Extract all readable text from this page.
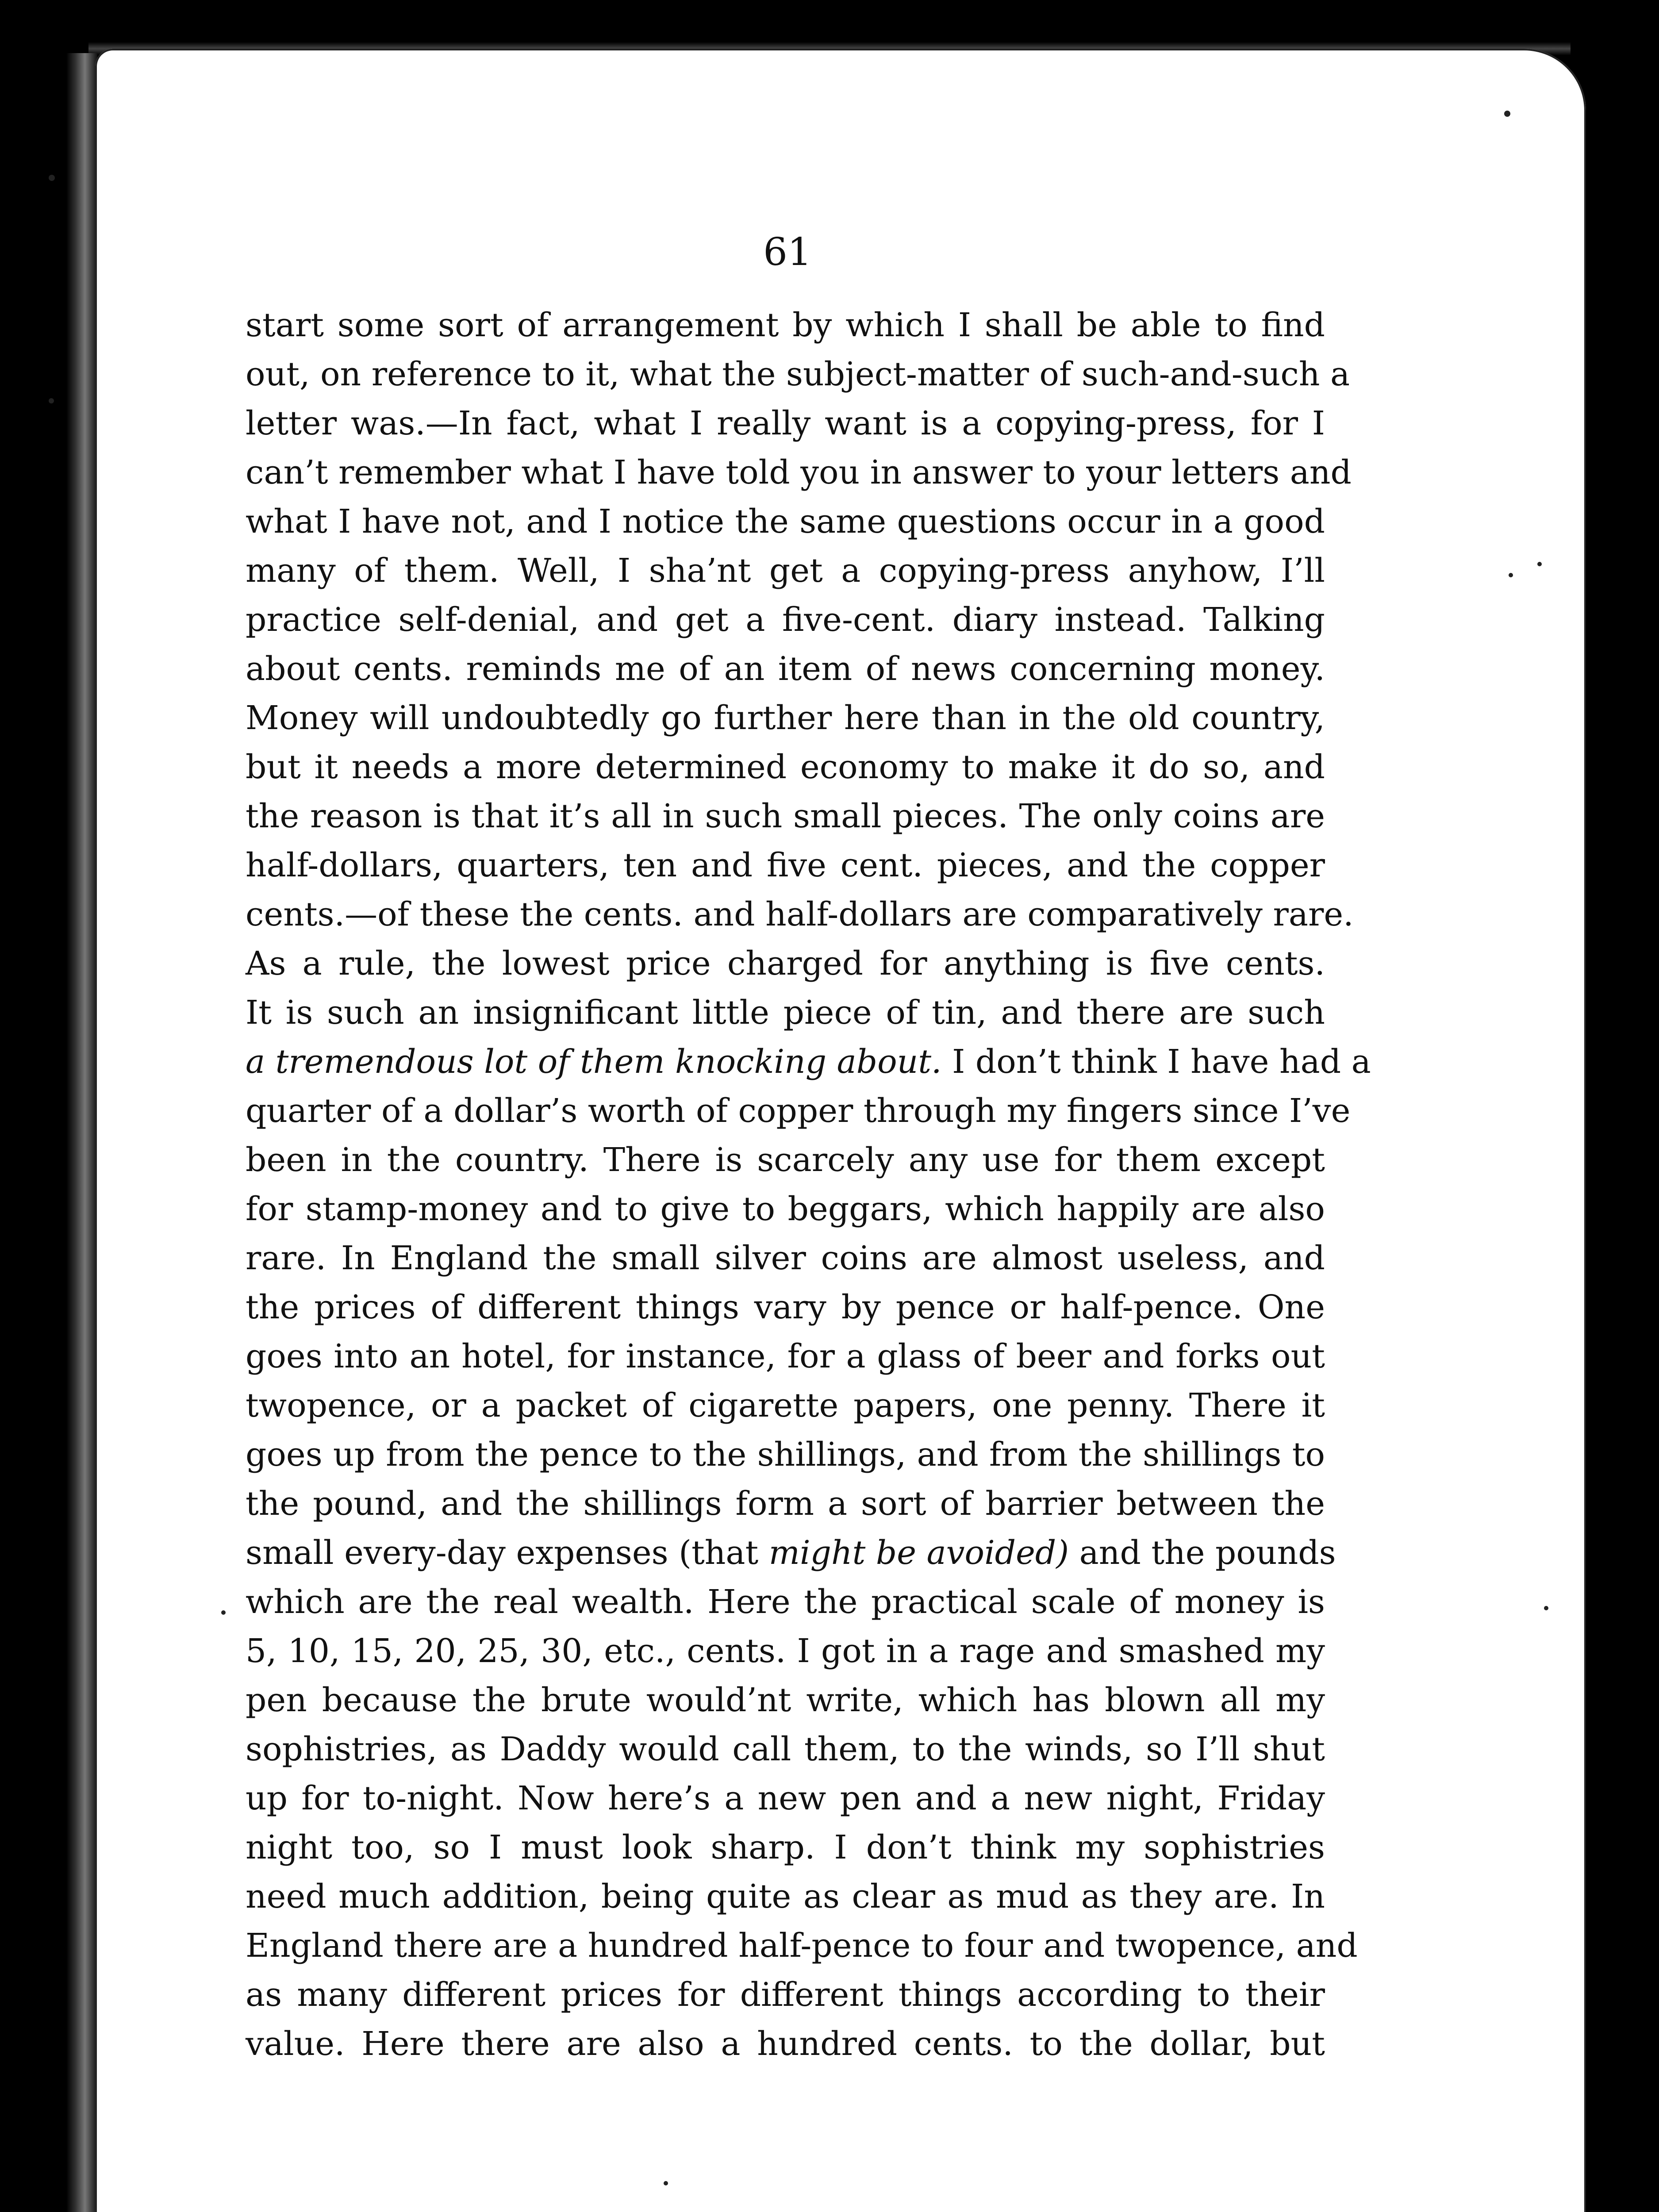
61
start some sort of arrangement by which I shall be able to find
out, on reference to it, what the subject-matter of such-and-such a
letter was.—In fact, what I really want is a copying-press, for I
can’t remember what I have told you in answer to your letters and
what I have not, and I notice the same questions occur in a good
many of them. Well, I sha’nt get a copying-press anyhow, I’ll
practice self-denial, and get a five-cent. diary instead. Talking
about cents. reminds me of an item of news concerning money.
Money will undoubtedly go further here than in the old country,
but it needs a more determined economy to make it do so, and
the reason is that it’s all in such small pieces. The only coins are
half-dollars, quarters, ten and five cent. pieces, and the copper
cents.—of these the cents. and half-dollars are comparatively rare.
As a rule, the lowest price charged for anything is five cents.
It is such an insignificant little piece of tin, and there are such
a tremendous lot of them knocking about. I don’t think I have had a
quarter of a dollar’s worth of copper through my fingers since I’ve
been in the country. There is scarcely any use for them except
for stamp-money and to give to beggars, which happily are also
rare. In England the small silver coins are almost useless, and
the prices of different things vary by pence or half-pence. One
goes into an hotel, for instance, for a glass of beer and forks out
twopence, or a packet of cigarette papers, one penny. There it
goes up from the pence to the shillings, and from the shillings to
the pound, and the shillings form a sort of barrier between the
small every-day expenses (that might be avoided) and the pounds
which are the real wealth. Here the practical scale of money is
5, 10, 15, 20, 25, 30, etc., cents. I got in a rage and smashed my
pen because the brute would’nt write, which has blown all my
sophistries, as Daddy would call them, to the winds, so I’ll shut
up for to-night. Now here’s a new pen and a new night, Friday
night too, so I must look sharp. I don’t think my sophistries
need much addition, being quite as clear as mud as they are. In
England there are a hundred half-pence to four and twopence, and
as many different prices for different things according to their
value. Here there are also a hundred cents. to the dollar, but
